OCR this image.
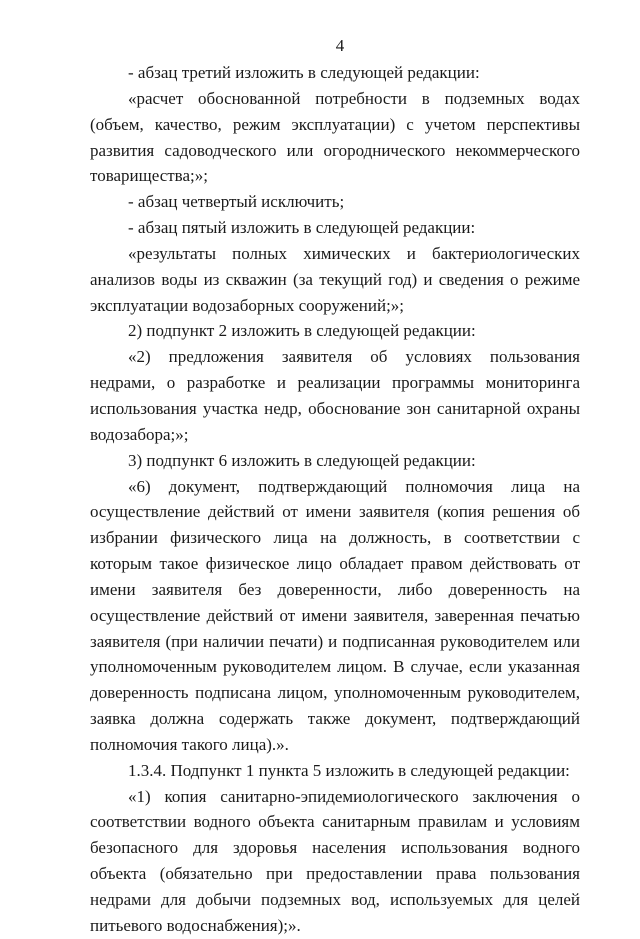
4

- абзац третий изложить в следующей редакции:

«расчет обоснованной потребности в подземных водах (объем, качество, режим эксплуатации) с учетом перспективы развития садоводческого или огороднического некоммерческого товарищества;»;

- абзац четвертый исключить;

- абзац пятый изложить в следующей редакции:

«результаты полных химических и бактериологических анализов воды из скважин (за текущий год) и сведения о режиме эксплуатации водозаборных сооружений;»;

2) подпункт 2 изложить в следующей редакции:

«2) предложения заявителя об условиях пользования недрами, о разработке и реализации программы мониторинга использования участка недр, обоснование зон санитарной охраны водозабора;»;

3) подпункт 6 изложить в следующей редакции:

«6) документ, подтверждающий полномочия лица на осуществление действий от имени заявителя (копия решения об избрании физического лица на должность, в соответствии с которым такое физическое лицо обладает правом действовать от имени заявителя без доверенности, либо доверенность на осуществление действий от имени заявителя, заверенная печатью заявителя (при наличии печати) и подписанная руководителем или уполномоченным руководителем лицом. В случае, если указанная доверенность подписана лицом, уполномоченным руководителем, заявка должна содержать также документ, подтверждающий полномочия такого лица).».

1.3.4. Подпункт 1 пункта 5 изложить в следующей редакции:

«1) копия санитарно-эпидемиологического заключения о соответствии водного объекта санитарным правилам и условиям безопасного для здоровья населения использования водного объекта (обязательно при предоставлении права пользования недрами для добычи подземных вод, используемых для целей питьевого водоснабжения);».
